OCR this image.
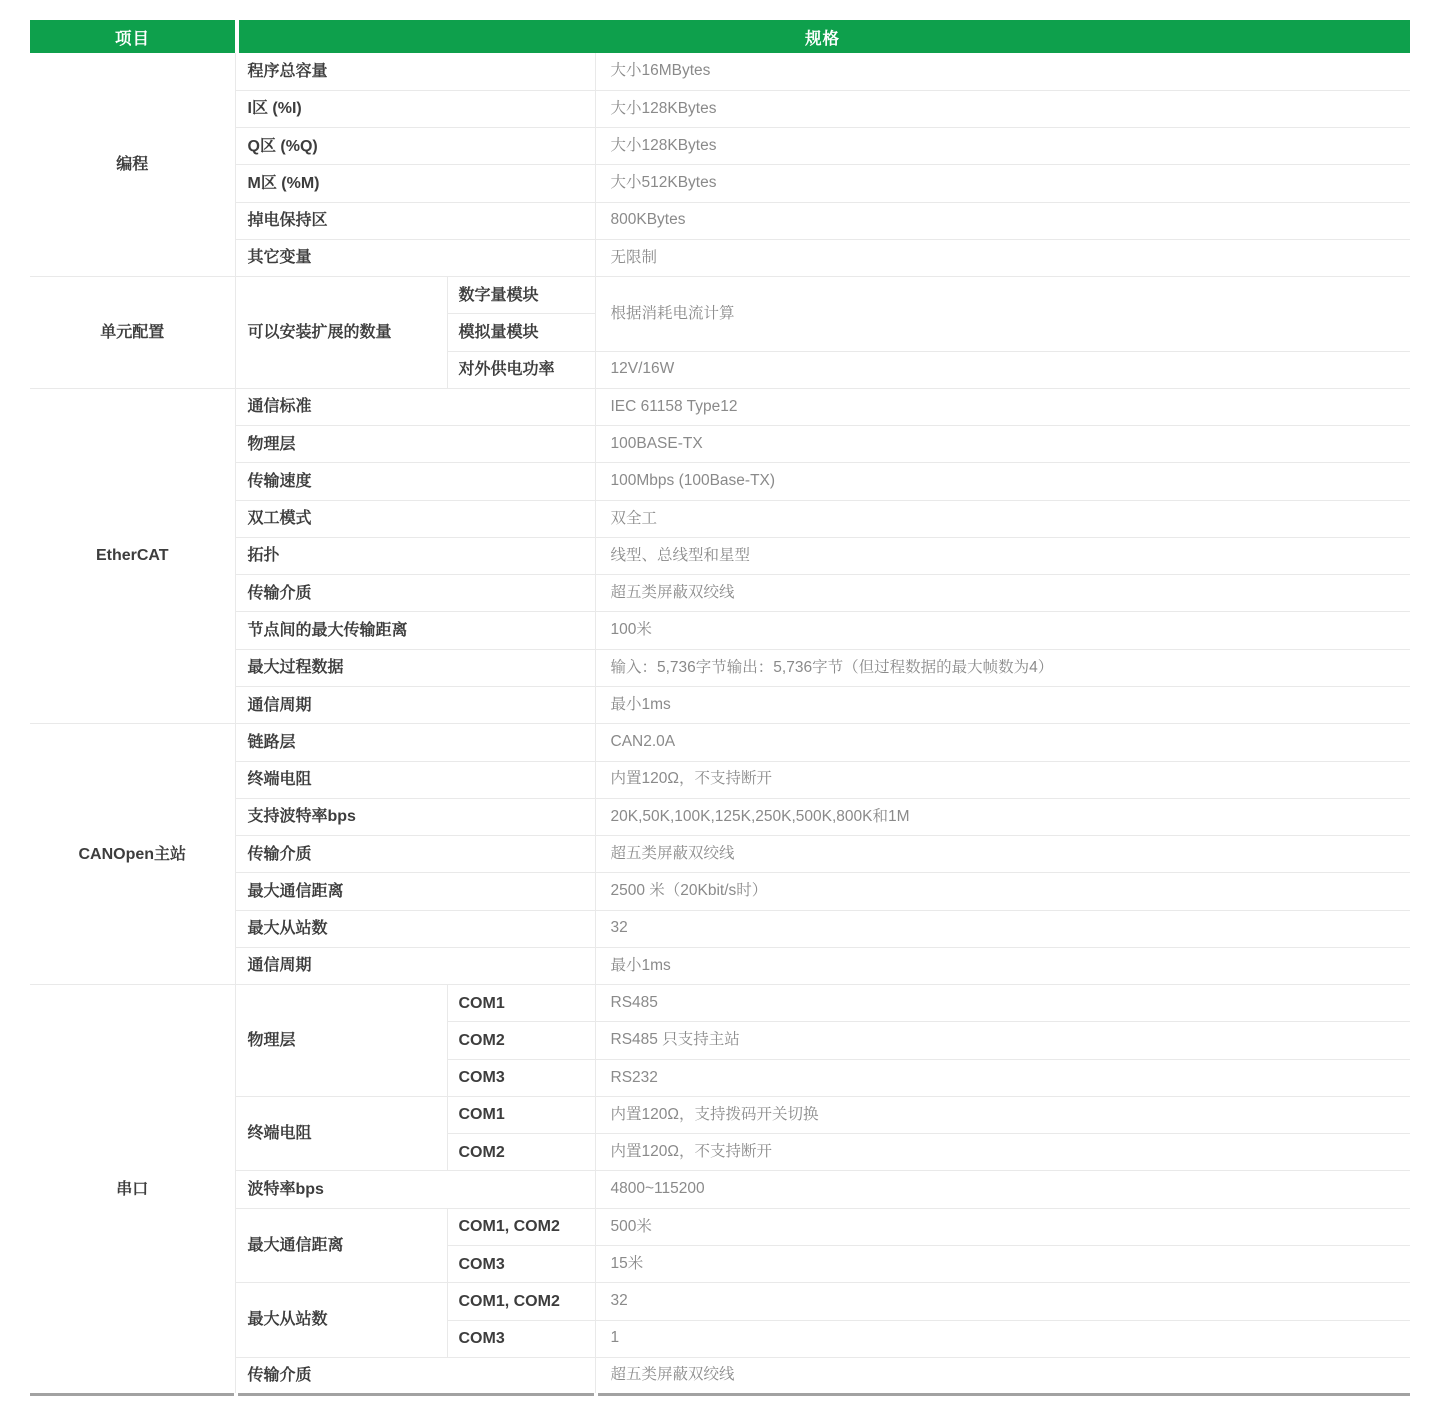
项目	规格		
编程	程序总容量		大小16MBytes
	I区 (%I)		大小128KBytes
	Q区 (%Q)		大小128KBytes
	M区 (%M)		大小512KBytes
	掉电保持区		800KBytes
	其它变量		无限制
单元配置	可以安装扩展的数量	数字量模块	根据消耗电流计算
		模拟量模块	
		对外供电功率	12V/16W
EtherCAT	通信标准		IEC 61158 Type12
	物理层		100BASE-TX
	传输速度		100Mbps (100Base-TX)
	双工模式		双全工
	拓扑		线型、总线型和星型
	传输介质		超五类屏蔽双绞线
	节点间的最大传输距离		100米
	最大过程数据		输入：5,736字节输出：5,736字节（但过程数据的最大帧数为4）
	通信周期		最小1ms
CANOpen主站	链路层		CAN2.0A
	终端电阻		内置120Ω，不支持断开
	支持波特率bps		20K,50K,100K,125K,250K,500K,800K和1M
	传输介质		超五类屏蔽双绞线
	最大通信距离		2500 米（20Kbit/s时）
	最大从站数		32
	通信周期		最小1ms
串口	物理层	COM1	RS485
		COM2	RS485 只支持主站
		COM3	RS232
	终端电阻	COM1	内置120Ω，支持拨码开关切换
		COM2	内置120Ω，不支持断开
	波特率bps		4800~115200
	最大通信距离	COM1, COM2	500米
		COM3	15米
	最大从站数	COM1, COM2	32
		COM3	1
	传输介质		超五类屏蔽双绞线
